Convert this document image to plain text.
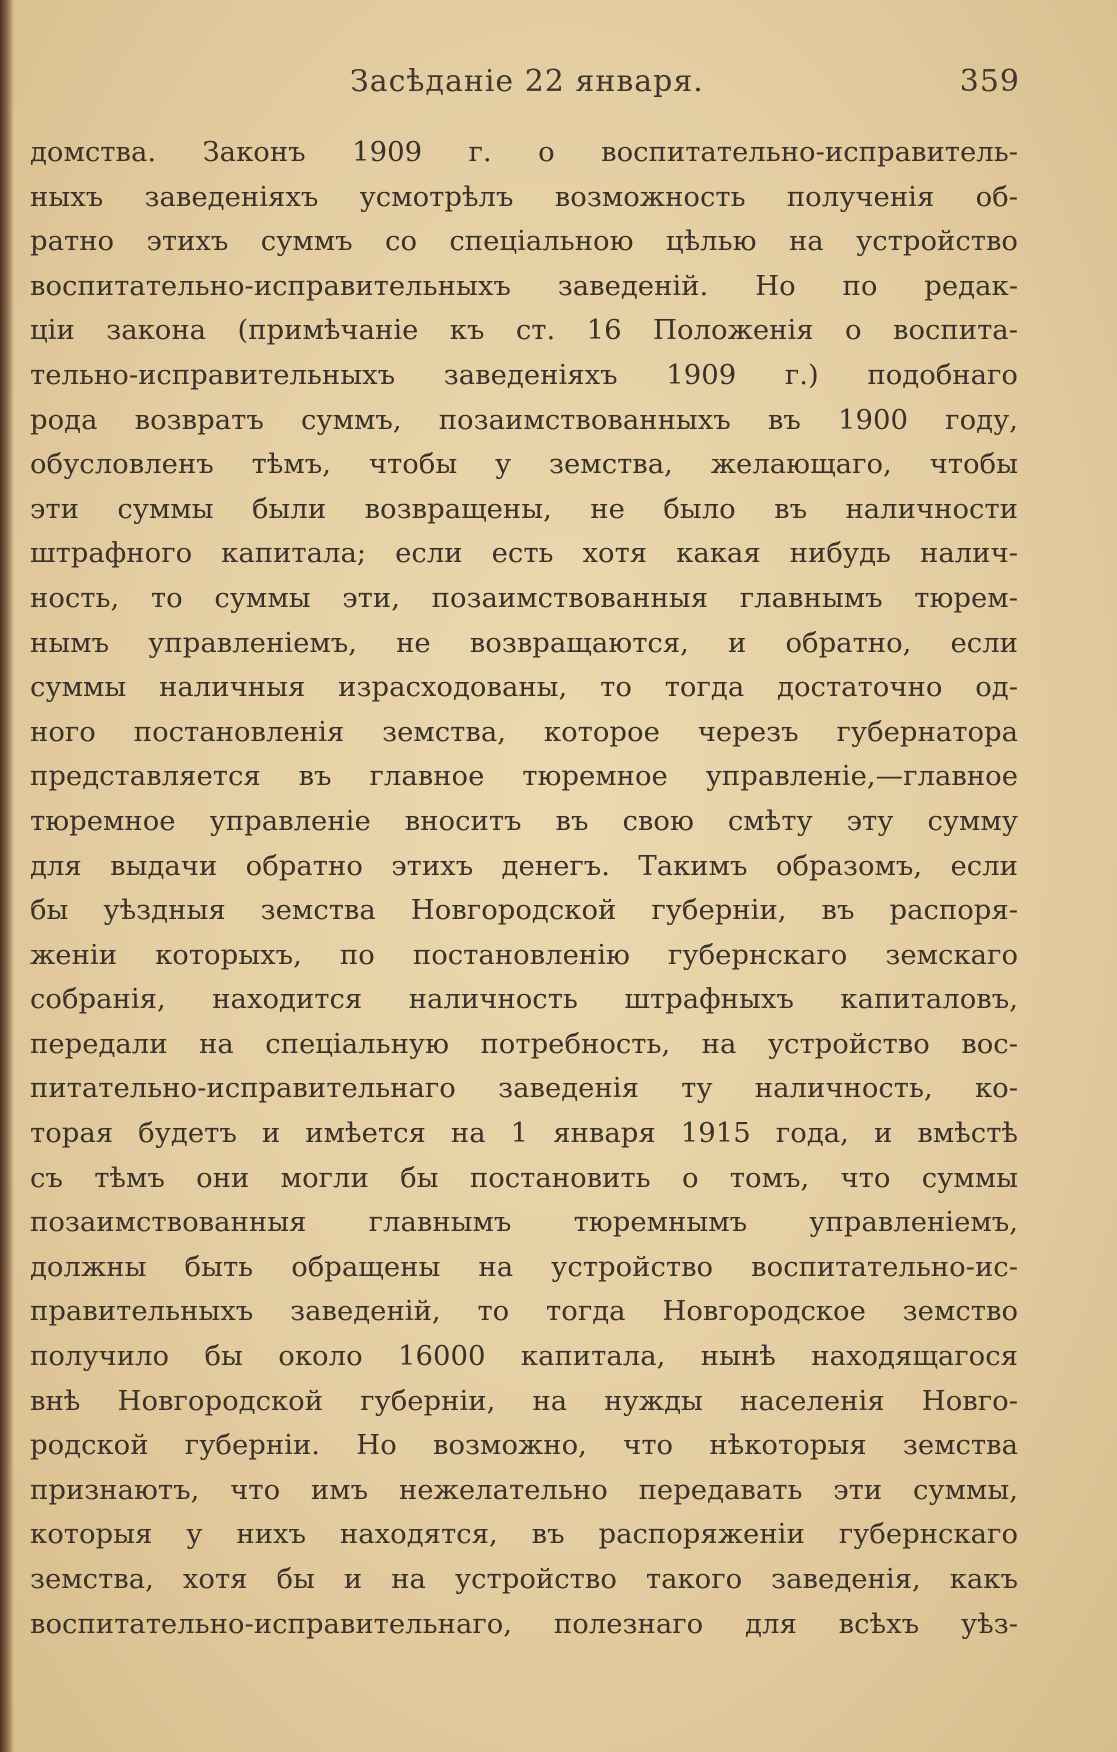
Засѣданіе 22 января.	359
домства. Законъ 1909 г. о воспитательно-исправитель-
ныхъ заведеніяхъ усмотрѣлъ возможность полученія об-
ратно этихъ суммъ со спеціальною цѣлью на устройство
воспитательно-исправительныхъ заведеній. Но по редак-
ціи закона (примѣчаніе къ ст. 16 Положенія о воспита-
тельно-исправительныхъ заведеніяхъ 1909 г.) подобнаго
рода возвратъ суммъ, позаимствованныхъ въ 1900 году,
обусловленъ тѣмъ, чтобы у земства, желающаго, чтобы
эти суммы были возвращены, не было въ наличности
штрафного капитала; если есть хотя какая нибудь налич-
ность, то суммы эти, позаимствованныя главнымъ тюрем-
нымъ управленіемъ, не возвращаются, и обратно, если
суммы наличныя израсходованы, то тогда достаточно од-
ного постановленія земства, которое черезъ губернатора
представляется въ главное тюремное управленіе,—главное
тюремное управленіе вноситъ въ свою смѣту эту сумму
для выдачи обратно этихъ денегъ. Такимъ образомъ, если
бы уѣздныя земства Новгородской губерніи, въ распоря-
женіи которыхъ, по постановленію губернскаго земскаго
собранія, находится наличность штрафныхъ капиталовъ,
передали на спеціальную потребность, на устройство вос-
питательно-исправительнаго заведенія ту наличность, ко-
торая будетъ и имѣется на 1 января 1915 года, и вмѣстѣ
съ тѣмъ они могли бы постановить о томъ, что суммы
позаимствованныя главнымъ тюремнымъ управленіемъ,
должны быть обращены на устройство воспитательно-ис-
правительныхъ заведеній, то тогда Новгородское земство
получило бы около 16000 капитала, нынѣ находящагося
внѣ Новгородской губерніи, на нужды населенія Новго-
родской губерніи. Но возможно, что нѣкоторыя земства
признаютъ, что имъ нежелательно передавать эти суммы,
которыя у нихъ находятся, въ распоряженіи губернскаго
земства, хотя бы и на устройство такого заведенія, какъ
воспитательно-исправительнаго, полезнаго для всѣхъ уѣз-
